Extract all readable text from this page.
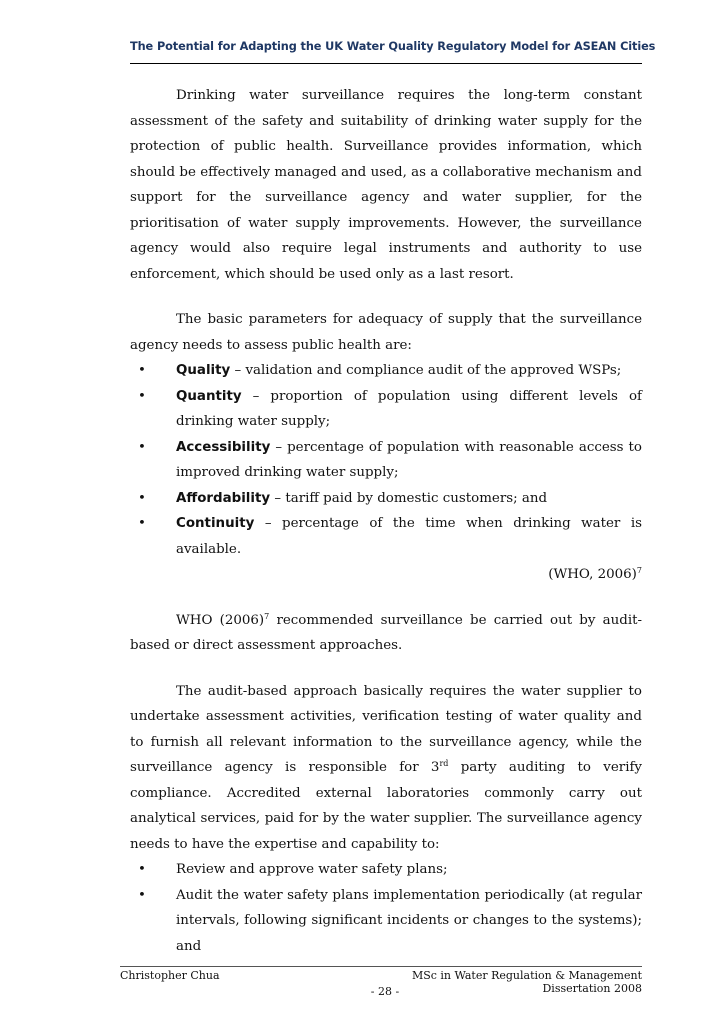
The Potential for Adapting the UK Water Quality Regulatory Model for ASEAN Cities

Drinking water surveillance requires the long-term constant assessment of the safety and suitability of drinking water supply for the protection of public health. Surveillance provides information, which should be effectively managed and used, as a collaborative mechanism and support for the surveillance agency and water supplier, for the prioritisation of water supply improvements. However, the surveillance agency would also require legal instruments and authority to use enforcement, which should be used only as a last resort.

The basic parameters for adequacy of supply that the surveillance agency needs to assess public health are:

• Quality – validation and compliance audit of the approved WSPs;
• Quantity – proportion of population using different levels of drinking water supply;
• Accessibility – percentage of population with reasonable access to improved drinking water supply;
• Affordability – tariff paid by domestic customers; and
• Continuity – percentage of the time when drinking water is available.

(WHO, 2006)$^7$

WHO $(2006)^7$ recommended surveillance be carried out by audit-based or direct assessment approaches.

The audit-based approach basically requires the water supplier to undertake assessment activities, verification testing of water quality and to furnish all relevant information to the surveillance agency, while the surveillance agency is responsible for 3rd party auditing to verify compliance. Accredited external laboratories commonly carry out analytical services, paid for by the water supplier. The surveillance agency needs to have the expertise and capability to:

• Review and approve water safety plans;
• Audit the water safety plans implementation periodically (at regular intervals, following significant incidents or changes to the systems); and
Christopher Chua	MSc in Water Regulation & Management
Dissertation 2008
- 28 -
